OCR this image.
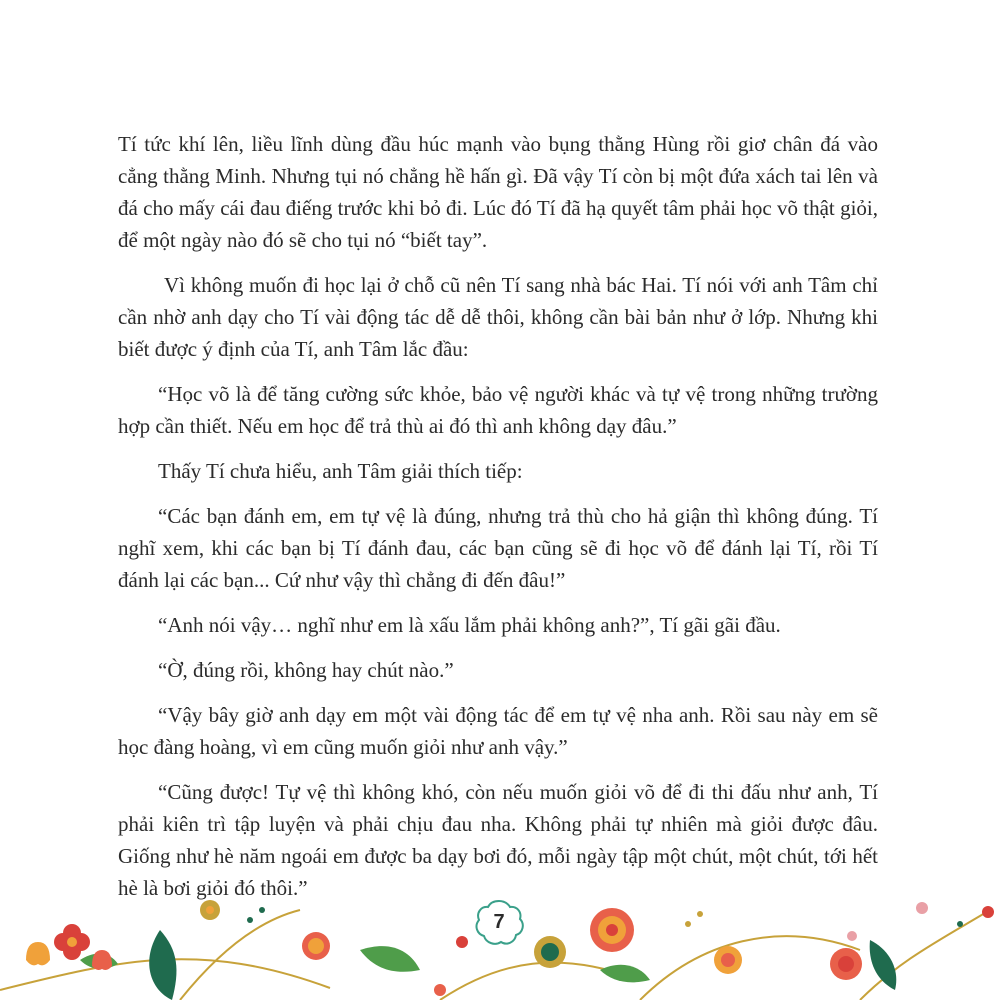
Tí tức khí lên, liều lĩnh dùng đầu húc mạnh vào bụng thằng Hùng rồi giơ chân đá vào cẳng thằng Minh. Nhưng tụi nó chẳng hề hấn gì. Đã vậy Tí còn bị một đứa xách tai lên và đá cho mấy cái đau điếng trước khi bỏ đi. Lúc đó Tí đã hạ quyết tâm phải học võ thật giỏi, để một ngày nào đó sẽ cho tụi nó “biết tay”.

Vì không muốn đi học lại ở chỗ cũ nên Tí sang nhà bác Hai. Tí nói với anh Tâm chỉ cần nhờ anh dạy cho Tí vài động tác dễ dễ thôi, không cần bài bản như ở lớp. Nhưng khi biết được ý định của Tí, anh Tâm lắc đầu:

“Học võ là để tăng cường sức khỏe, bảo vệ người khác và tự vệ trong những trường hợp cần thiết. Nếu em học để trả thù ai đó thì anh không dạy đâu.”

Thấy Tí chưa hiểu, anh Tâm giải thích tiếp:

“Các bạn đánh em, em tự vệ là đúng, nhưng trả thù cho hả giận thì không đúng. Tí nghĩ xem, khi các bạn bị Tí đánh đau, các bạn cũng sẽ đi học võ để đánh lại Tí, rồi Tí đánh lại các bạn... Cứ như vậy thì chẳng đi đến đâu!”

“Anh nói vậy… nghĩ như em là xấu lắm phải không anh?”, Tí gãi gãi đầu.

“Ờ, đúng rồi, không hay chút nào.”

“Vậy bây giờ anh dạy em một vài động tác để em tự vệ nha anh. Rồi sau này em sẽ học đàng hoàng, vì em cũng muốn giỏi như anh vậy.”

“Cũng được! Tự vệ thì không khó, còn nếu muốn giỏi võ để đi thi đấu như anh, Tí phải kiên trì tập luyện và phải chịu đau nha. Không phải tự nhiên mà giỏi được đâu. Giống như hè năm ngoái em được ba dạy bơi đó, mỗi ngày tập một chút, một chút, tới hết hè là bơi giỏi đó thôi.”

7
